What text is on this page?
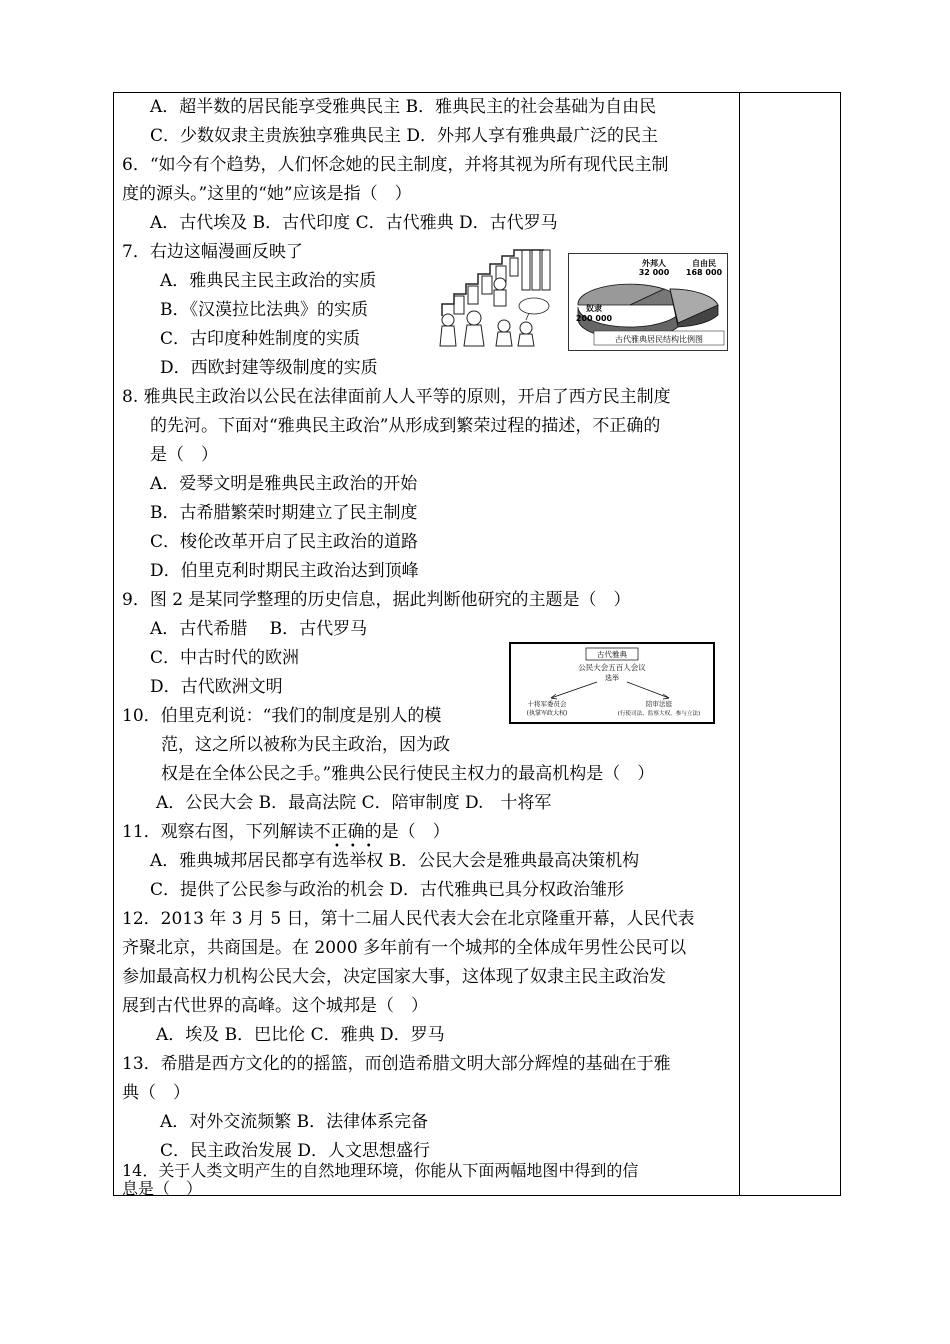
A．超半数的居民能享受雅典民主 B．雅典民主的社会基础为自由民
C．少数奴隶主贵族独享雅典民主 D．外邦人享有雅典最广泛的民主
6．“如今有个趋势，人们怀念她的民主制度，并将其视为所有现代民主制
度的源头。”这里的“她”应该是指（　）
A．古代埃及 B．古代印度 C．古代雅典 D．古代罗马
7．右边这幅漫画反映了
A．雅典民主民主政治的实质
B．《汉漠拉比法典》的实质
C．古印度种姓制度的实质
D．西欧封建等级制度的实质
8. 雅典民主政治以公民在法律面前人人平等的原则，开启了西方民主制度
的先河。下面对“雅典民主政治”从形成到繁荣过程的描述，不正确的
是（　）
A．爱琴文明是雅典民主政治的开始
B．古希腊繁荣时期建立了民主制度
C．梭伦改革开启了民主政治的道路
D．伯里克利时期民主政治达到顶峰
9．图 2 是某同学整理的历史信息，据此判断他研究的主题是（　）
A．古代希腊　 B．古代罗马
C．中古时代的欧洲
D．古代欧洲文明
10．伯里克利说：“我们的制度是别人的模
范，这之所以被称为民主政治，因为政
权是在全体公民之手。”雅典公民行使民主权力的最高机构是（　）
A．公民大会 B．最高法院 C．陪审制度 D.　十将军
11．观察右图，下列解读不正确的是（　）
•••
A．雅典城邦居民都享有选举权 B．公民大会是雅典最高决策机构
C．提供了公民参与政治的机会 D．古代雅典已具分权政治雏形
12．2013 年 3 月 5 日，第十二届人民代表大会在北京隆重开幕，人民代表
齐聚北京，共商国是。在 2000 多年前有一个城邦的全体成年男性公民可以
参加最高权力机构公民大会，决定国家大事，这体现了奴隶主民主政治发
展到古代世界的高峰。这个城邦是（　）
A．埃及 B．巴比伦 C．雅典 D．罗马
13．希腊是西方文化的的摇篮，而创造希腊文明大部分辉煌的基础在于雅
典（　）
A．对外交流频繁 B．法律体系完备
C．民主政治发展 D．人文思想盛行
14．关于人类文明产生的自然地理环境，你能从下面两幅地图中得到的信
息是（　）
外邦人
32 000
自由民
168 000
奴隶
200 000
古代雅典居民结构比例图
古代雅典
公民大会五百人会议
选举
十将军委员会
(执掌军政大权)
陪审法庭
(行使司法、监察大权，参与立法)
